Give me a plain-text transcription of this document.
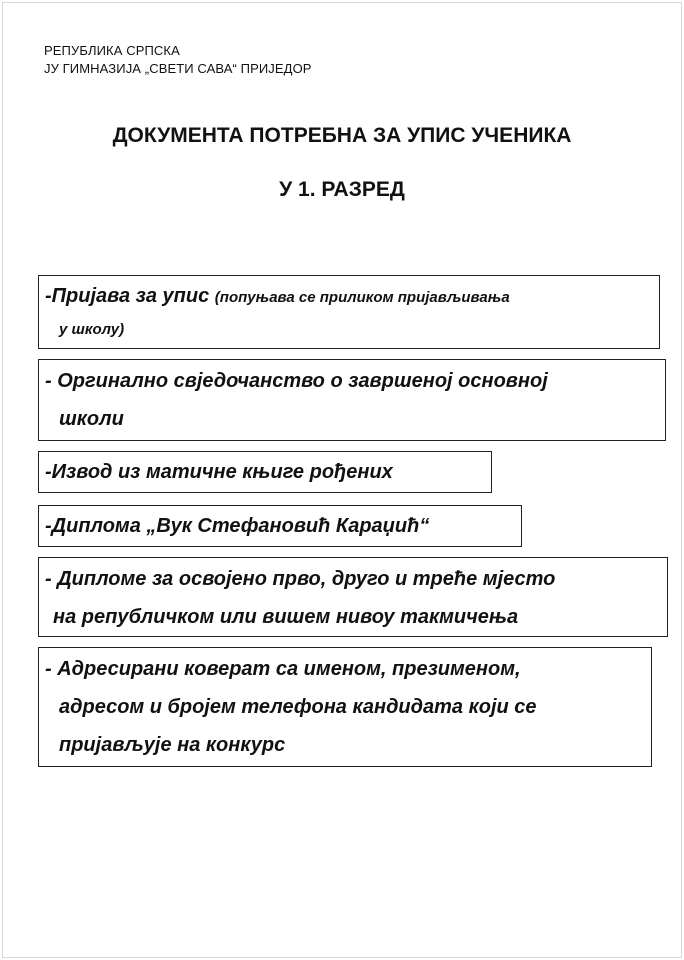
РЕПУБЛИКА СРПСКА
ЈУ ГИМНАЗИЈА „СВЕТИ САВА“ ПРИЈЕДОР
ДОКУМЕНТА ПОТРЕБНА ЗА УПИС УЧЕНИКА
У 1. РАЗРЕД
-Пријава за упис (попуњава се приликом пријављивања
у школу)
- Оргинално свједочанство о завршеној основној
школи
-Извод из матичне књиге рођених
-Диплома „Вук Стефановић Караџић“
- Дипломе за освојено прво, друго и треће мјесто
на републичком или вишем нивоу такмичења
- Адресирани коверат са именом, презименом,
адресом и бројем телефона кандидата који се
пријављује на конкурс
